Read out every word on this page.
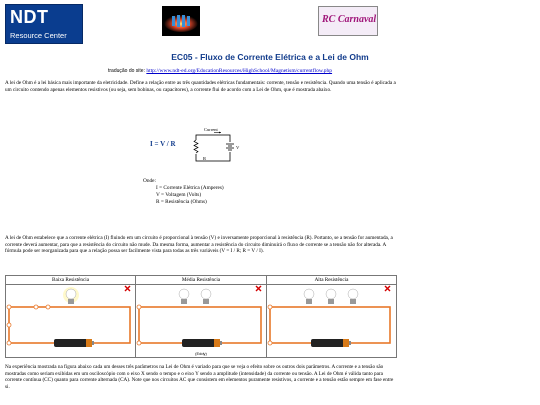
NDT
Resource Center
RC Carnaval
EC05 - Fluxo de Corrente Elétrica e a Lei de Ohm
tradução do site: http://www.ndt-ed.org/EducationResources/HighSchool/Magnetism/currentflow.php
A lei de Ohm é a lei básica mais importante da eletricidade. Define a relação entre as três quantidades elétricas fundamentais: corrente, tensão e resistência. Quando uma tensão é aplicada a um circuito contendo apenas elementos resistivos (ou seja, sem bobinas, ou capacitores), a corrente flui de acordo com a Lei de Ohm, que é mostrada abaixo.
I = V / R
Current
R
V
Onde:
I = Corrente Elétrica (Amperes)
V = Voltagem (Volts)
R = Resistência (Ohms)
A lei de Ohm estabelece que a corrente elétrica (I) fluindo em um circuito é proporcional à tensão (V) e inversamente proporcional à resistência (R). Portanto, se a tensão for aumentada, a corrente deverá aumentar, para que a resistência do circuito não mude. Da mesma forma, aumentar a resistência do circuito diminuirá o fluxo de corrente se a tensão não for alterada. A fórmula pode ser reorganizada para que a relação possa ser facilmente vista para todas as três variáveis (V = I / R; R = V / I).
Baixa Resistência	Média Resistência
(Eddy)
Alta Resistência
Na experiência mostrada na figura abaixo cada um desses três parâmetros na Lei de Ohm é variado para que se veja o efeito sobre os outros dois parâmetros. A corrente e a tensão são mostradas como seriam exibidas em um osciloscópio com o eixo X sendo o tempo e o eixo Y sendo a amplitude (intensidade) da corrente ou tensão. A Lei de Ohm é válida tanto para corrente contínua (CC) quanto para corrente alternada (CA). Note que nos circuitos AC que consistem em elementos puramente resistivos, a corrente e a tensão estão sempre em fase entre si.
